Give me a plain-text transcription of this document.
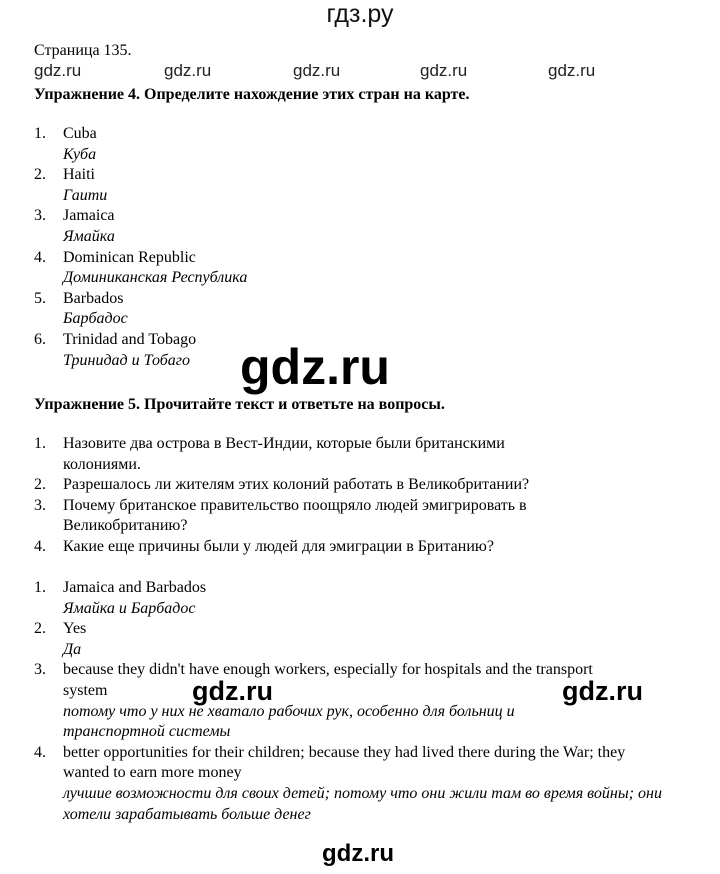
гдз.ру
Страница 135.
gdz.ru	gdz.ru	gdz.ru	gdz.ru	gdz.ru
Упражнение 4. Определите нахождение этих стран на карте.
1. Cuba
Куба
2. Haiti
Гаити
3. Jamaica
Ямайка
4. Dominican Republic
Доминиканская Республика
5. Barbados
Барбадос
6. Trinidad and Tobago
Тринидад и Тобаго gdz.ru
Упражнение 5. Прочитайте текст и ответьте на вопросы.
1. Назовите два острова в Вест-Индии, которые были британскими колониями.
2. Разрешалось ли жителям этих колоний работать в Великобритании?
3. Почему британское правительство поощряло людей эмигрировать в Великобританию?
4. Какие еще причины были у людей для эмиграции в Британию?
1. Jamaica and Barbados
Ямайка и Барбадос
2. Yes
Да
3. because they didn't have enough workers, especially for hospitals and the transport system
потому что у них не хватало рабочих рук, особенно для больниц и транспортной системы
4. better opportunities for their children; because they had lived there during the War; they wanted to earn more money
лучшие возможности для своих детей; потому что они жили там во время войны; они хотели зарабатывать больше денег
gdz.ru	gdz.ru
gdz.ru
